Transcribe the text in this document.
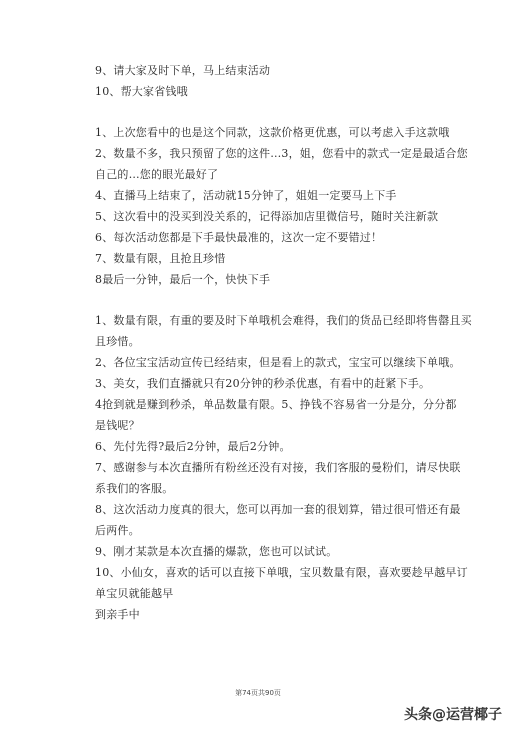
9、请大家及时下单，马上结束活动
10、帮大家省钱哦
1、上次您看中的也是这个同款，这款价格更优惠，可以考虑入手这款哦
2、数量不多，我只预留了您的这件…3，姐，您看中的款式一定是最适合您
自己的…您的眼光最好了
4、直播马上结束了，活动就15分钟了，姐姐一定要马上下手
5、这次看中的没买到没关系的，记得添加店里微信号，随时关注新款
6、每次活动您都是下手最快最准的，这次一定不要错过！
7、数量有限，且抢且珍惜
8最后一分钟，最后一个，快快下手
1、数量有限，有重的要及时下单哦机会难得，我们的货品已经即将售罄且买
且珍惜。
2、各位宝宝活动宣传已经结束，但是看上的款式，宝宝可以继续下单哦。
3、美女，我们直播就只有20分钟的秒杀优惠，有看中的赶紧下手。
4抢到就是赚到秒杀，单品数量有限。5、挣钱不容易省一分是分，分分都
是钱呢？
6、先付先得?最后2分钟，最后2分钟。
7、感谢参与本次直播所有粉丝还没有对接，我们客服的曼粉们，请尽快联
系我们的客服。
8、这次活动力度真的很大，您可以再加一套的很划算，错过很可惜还有最
后两件。
9、刚才某款是本次直播的爆款，您也可以试试。
10、小仙女，喜欢的话可以直接下单哦，宝贝数量有限，喜欢要趁早越早订
单宝贝就能越早
到亲手中
第74页共90页
头条@运营椰子
